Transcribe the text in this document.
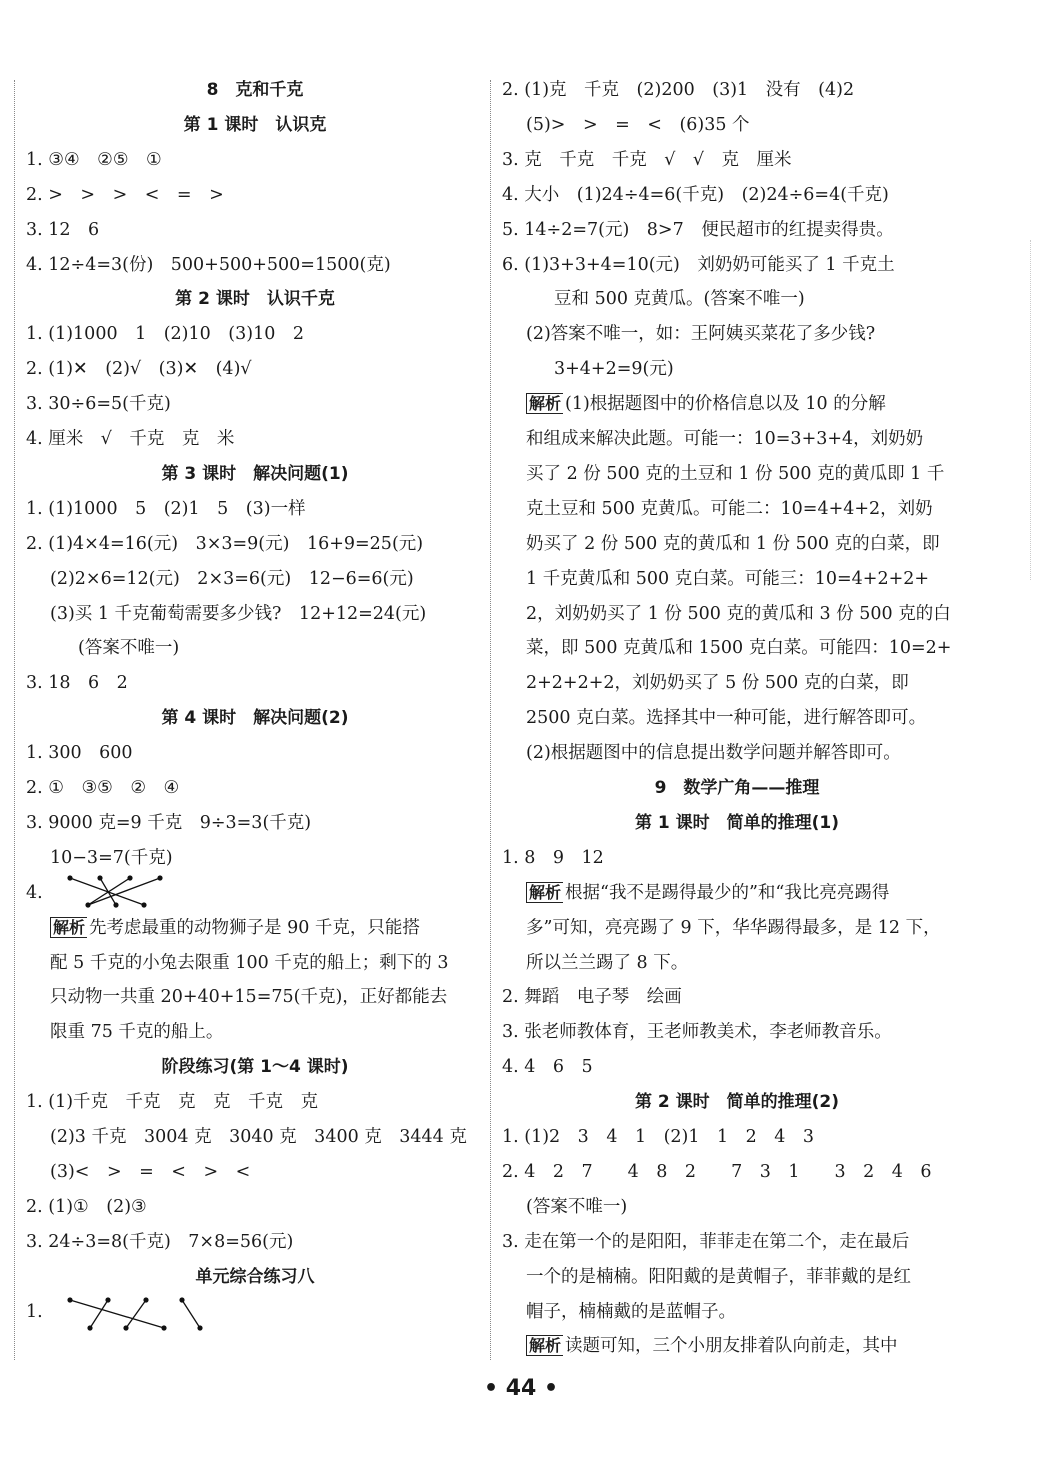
8　克和千克
第 1 课时　认识克
1. ③④　②⑤　①
2. >　>　>　<　=　>
3. 12　6
4. 12÷4=3(份)　500+500+500=1500(克)
第 2 课时　认识千克
1. (1)1000　1　(2)10　(3)10　2
2. (1)✕　(2)√　(3)✕　(4)√
3. 30÷6=5(千克)
4. 厘米　√　千克　克　米
第 3 课时　解决问题(1)
1. (1)1000　5　(2)1　5　(3)一样
2. (1)4×4=16(元)　3×3=9(元)　16+9=25(元)
(2)2×6=12(元)　2×3=6(元)　12−6=6(元)
(3)买 1 千克葡萄需要多少钱?　12+12=24(元)
(答案不唯一)
3. 18　6　2
第 4 课时　解决问题(2)
1. 300　600
2. ①　③⑤　②　④
3. 9000 克=9 千克　9÷3=3(千克)
10−3=7(千克)
4.
解析 先考虑最重的动物狮子是 90 千克，只能搭
配 5 千克的小兔去限重 100 千克的船上；剩下的 3
只动物一共重 20+40+15=75(千克)，正好都能去
限重 75 千克的船上。
阶段练习(第 1～4 课时)
1. (1)千克　千克　克　克　千克　克
(2)3 千克　3004 克　3040 克　3400 克　3444 克
(3)<　>　=　<　>　<
2. (1)①　(2)③
3. 24÷3=8(千克)　7×8=56(元)
单元综合练习八
1.
2. (1)克　千克　(2)200　(3)1　没有　(4)2
(5)>　>　=　<　(6)35 个
3. 克　千克　千克　√　√　克　厘米
4. 大小　(1)24÷4=6(千克)　(2)24÷6=4(千克)
5. 14÷2=7(元)　8>7　便民超市的红提卖得贵。
6. (1)3+3+4=10(元)　刘奶奶可能买了 1 千克土
豆和 500 克黄瓜。(答案不唯一)
(2)答案不唯一，如：王阿姨买菜花了多少钱?
3+4+2=9(元)
解析 (1)根据题图中的价格信息以及 10 的分解
和组成来解决此题。可能一：10=3+3+4，刘奶奶
买了 2 份 500 克的土豆和 1 份 500 克的黄瓜即 1 千
克土豆和 500 克黄瓜。可能二：10=4+4+2，刘奶
奶买了 2 份 500 克的黄瓜和 1 份 500 克的白菜，即
1 千克黄瓜和 500 克白菜。可能三：10=4+2+2+
2，刘奶奶买了 1 份 500 克的黄瓜和 3 份 500 克的白
菜，即 500 克黄瓜和 1500 克白菜。可能四：10=2+
2+2+2+2，刘奶奶买了 5 份 500 克的白菜，即
2500 克白菜。选择其中一种可能，进行解答即可。
(2)根据题图中的信息提出数学问题并解答即可。
9　数学广角——推理
第 1 课时　简单的推理(1)
1. 8　9　12
解析 根据“我不是踢得最少的”和“我比亮亮踢得
多”可知，亮亮踢了 9 下，华华踢得最多，是 12 下，
所以兰兰踢了 8 下。
2. 舞蹈　电子琴　绘画
3. 张老师教体育，王老师教美术，李老师教音乐。
4. 4　6　5
第 2 课时　简单的推理(2)
1. (1)2　3　4　1　(2)1　1　2　4　3
2. 4　2　7　　4　8　2　　7　3　1　　3　2　4　6
(答案不唯一)
3. 走在第一个的是阳阳，菲菲走在第二个，走在最后
一个的是楠楠。阳阳戴的是黄帽子，菲菲戴的是红
帽子，楠楠戴的是蓝帽子。
解析 读题可知，三个小朋友排着队向前走，其中
• 44 •
